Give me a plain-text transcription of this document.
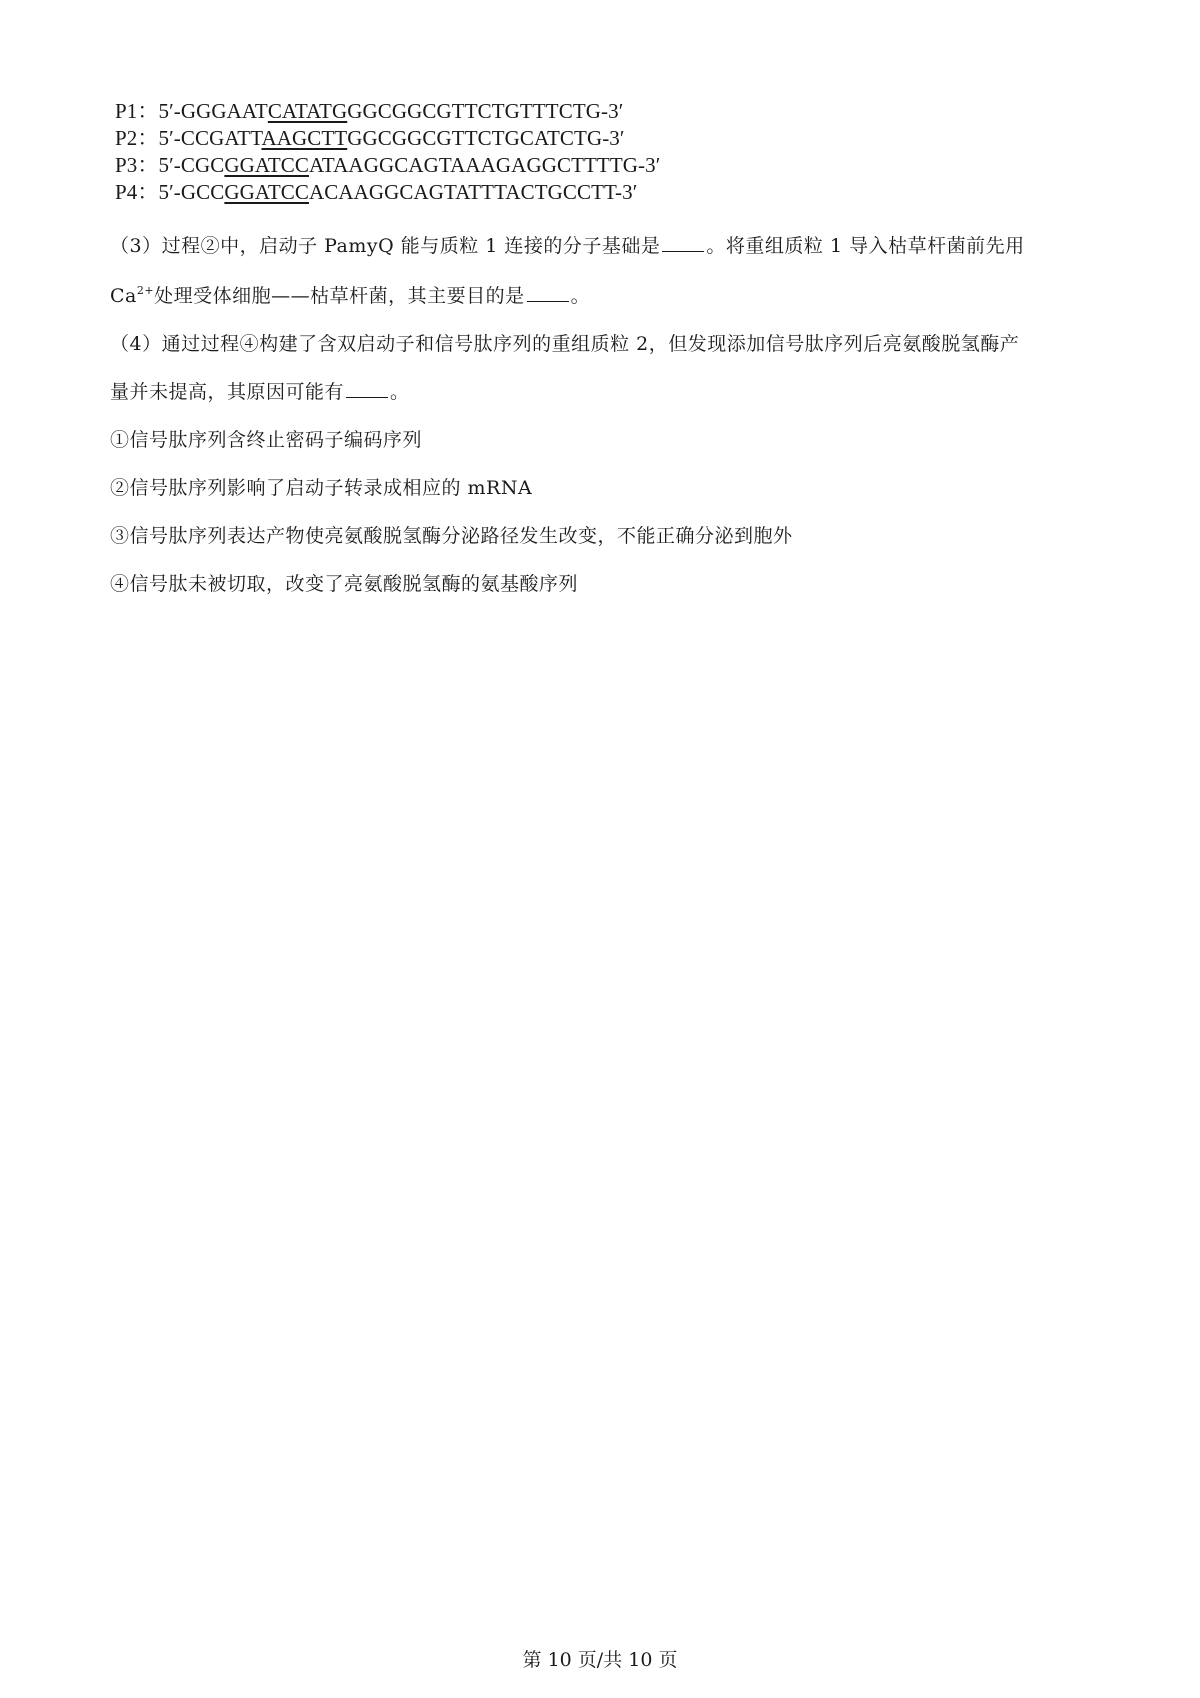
P1：5′-GGGAATCATATGGGCGGCGTTCTGTTTCTG-3′
P2：5′-CCGATTAAGCTTGGCGGCGTTCTGCATCTG-3′
P3：5′-CGCGGATCCATAAGGCAGTAAAGAGGCTTTTG-3′
P4：5′-GCCGGATCCACAAGGCAGTATTTACTGCCTT-3′
（3）过程②中，启动子 PamyQ 能与质粒 1 连接的分子基础是 。将重组质粒 1 导入枯草杆菌前先用
$Ca^{2+}$处理受体细胞——枯草杆菌，其主要目的是 。
（4）通过过程④构建了含双启动子和信号肽序列的重组质粒 2，但发现添加信号肽序列后亮氨酸脱氢酶产
量并未提高，其原因可能有 。
①信号肽序列含终止密码子编码序列
②信号肽序列影响了启动子转录成相应的 mRNA
③信号肽序列表达产物使亮氨酸脱氢酶分泌路径发生改变，不能正确分泌到胞外
④信号肽未被切取，改变了亮氨酸脱氢酶的氨基酸序列
第 10 页/共 10 页
